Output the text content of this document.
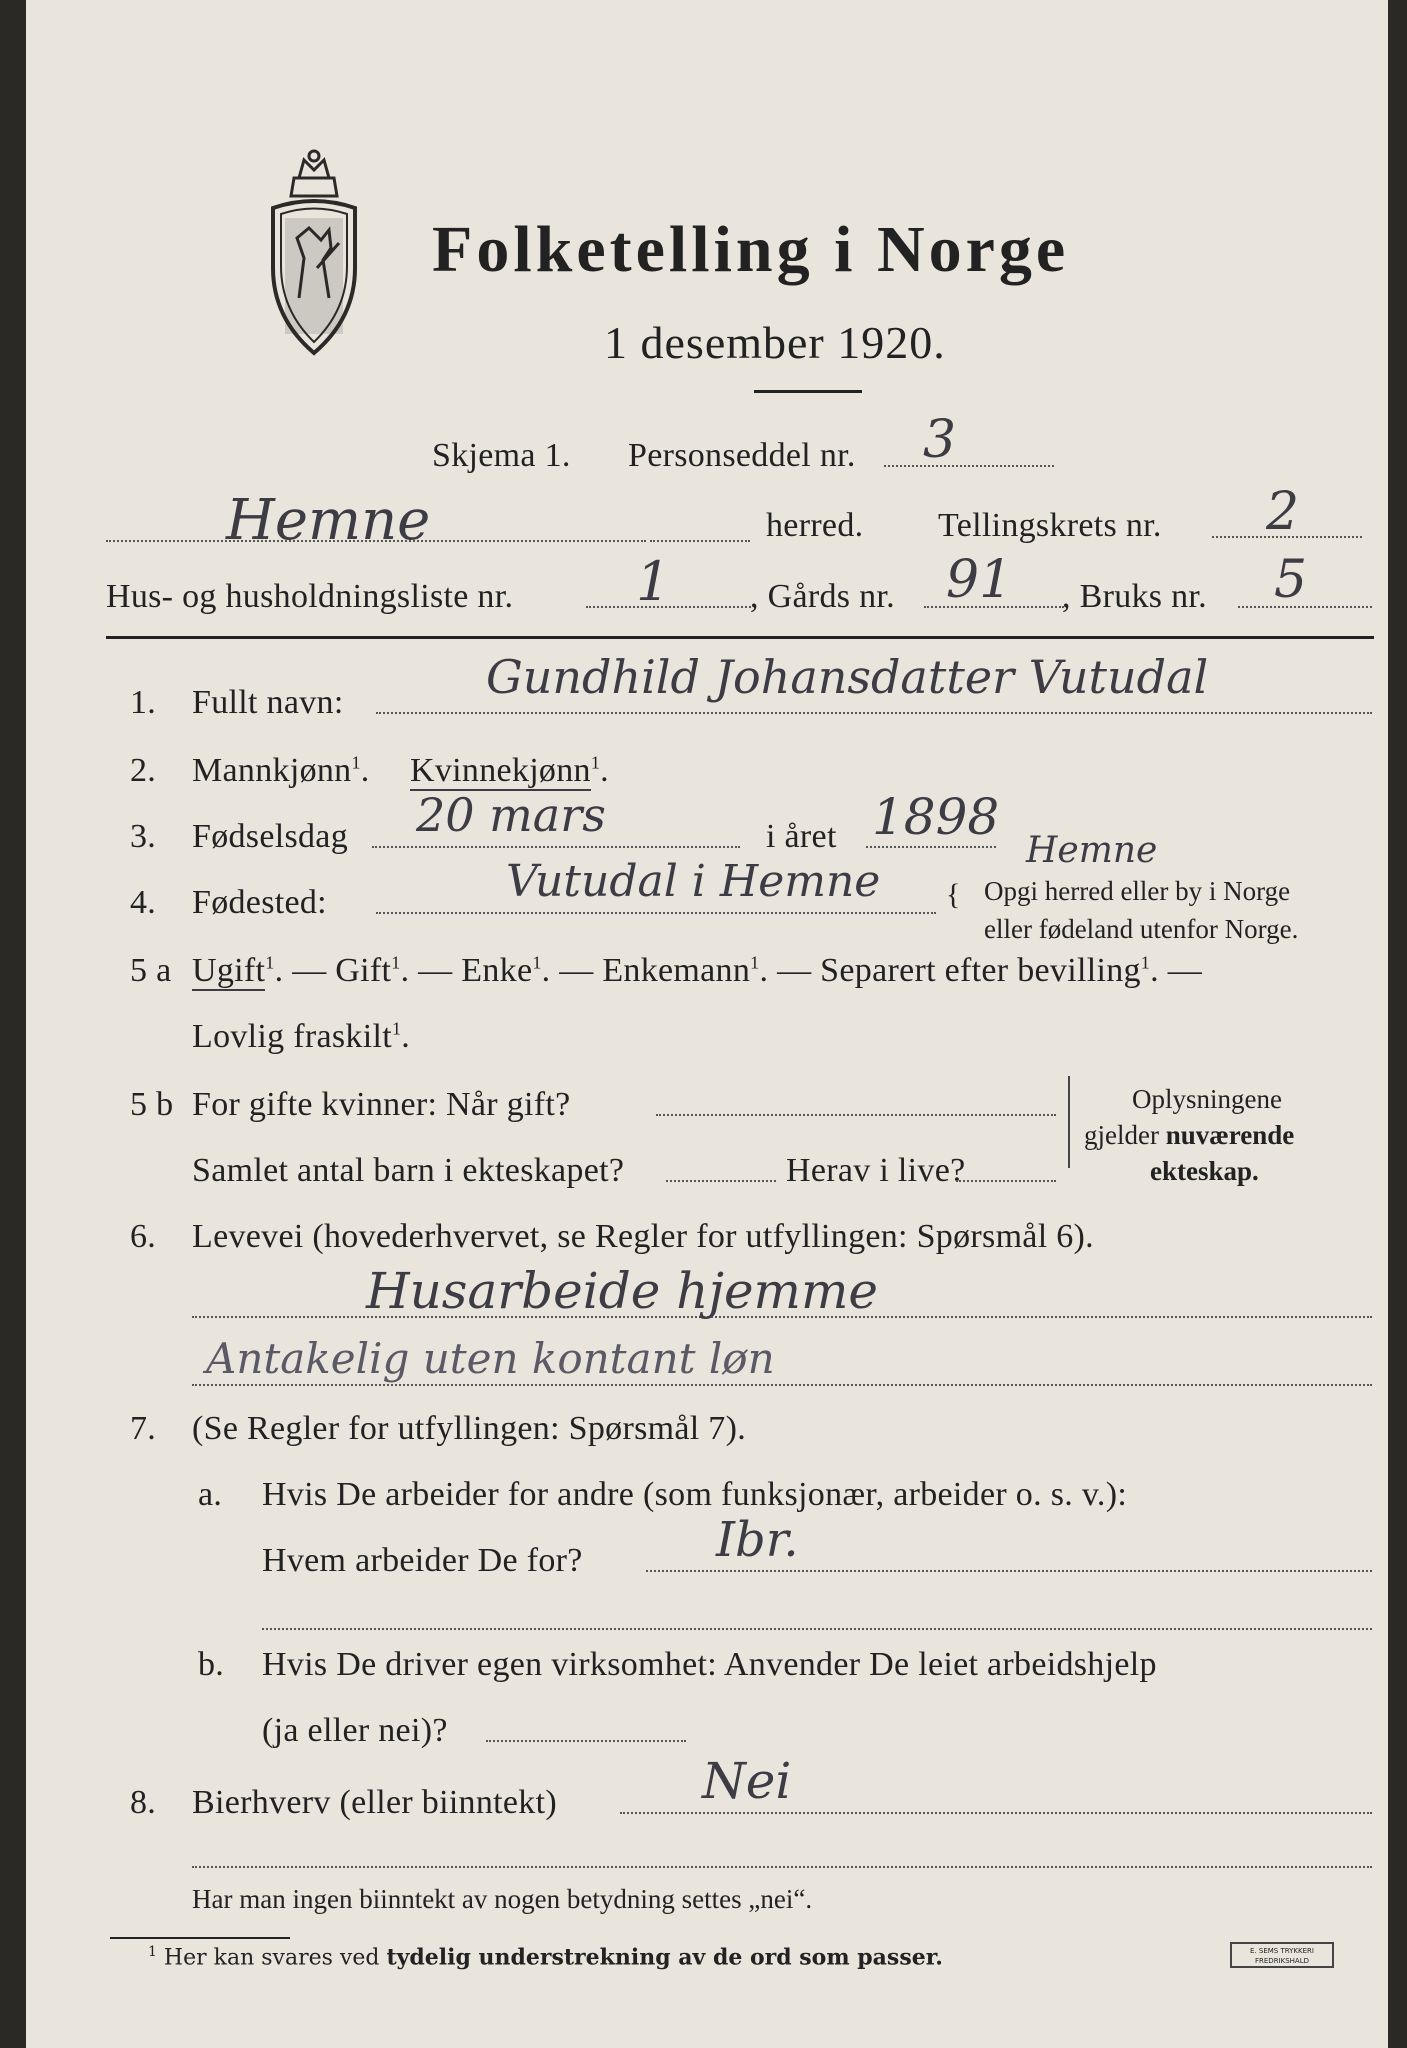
Folketelling i Norge
1 desember 1920.
Skjema 1. Personseddel nr. 3
Hemne	herred. Tellingskrets nr. 2
Hus- og husholdningsliste nr. 1 , Gårds nr. 91 , Bruks nr. 5
1. Fullt navn:	Gundhild Johansdatter Vutudal
2. Mannkjønn$^1$. Kvinnekjønn$^1$.
3. Fødselsdag 20 mars	i året 1898
4. Fødested:	Vutudal i Hemne
Hemne
{ Opgi herred eller by i Norge
eller fødeland utenfor Norge.
5 a Ugift$^1$. — Gift$^1$. — Enke$^1$. — Enkemann$^1$. — Separert efter bevilling$^1$. —
Lovlig fraskilt$^1$.
5 b For gifte kvinner: Når gift?
Samlet antal barn i ekteskapet?	Herav i live?
Oplysningene
gjelder nuværende
ekteskap.
6. Levevei (hovederhvervet, se Regler for utfyllingen: Spørsmål 6).
Husarbeide hjemme
Antakelig uten kontant løn
7. (Se Regler for utfyllingen: Spørsmål 7).
a. Hvis De arbeider for andre (som funksjonær, arbeider o. s. v.):
Hvem arbeider De for?	Ibr.
b. Hvis De driver egen virksomhet: Anvender De leiet arbeidshjelp
(ja eller nei)?
8. Bierhverv (eller biinntekt)	Nei
Har man ingen biinntekt av nogen betydning settes „nei“.
$^1$ Her kan svares ved tydelig understrekning av de ord som passer.	E. SEMS TRYKKERI
FREDRIKSHALD
